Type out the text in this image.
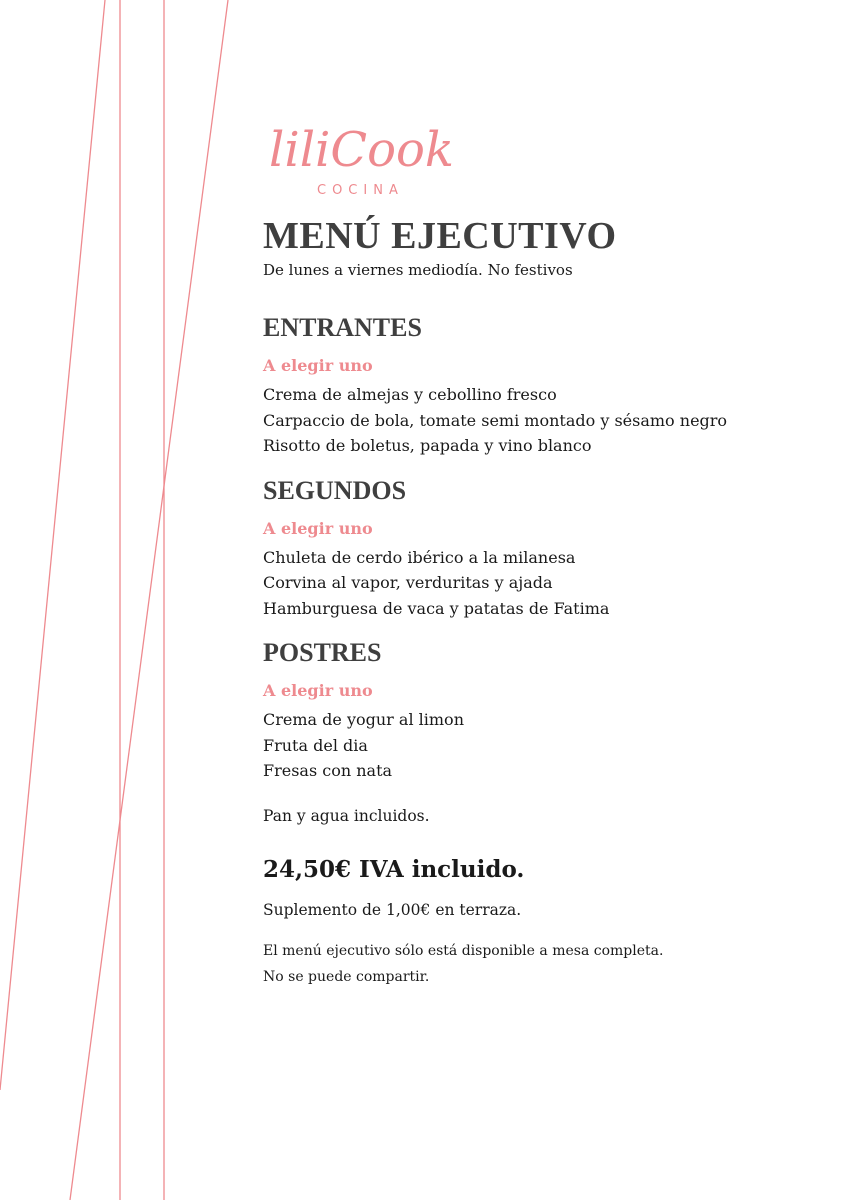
liliCook
COCINA
MENÚ EJECUTIVO
De lunes a viernes mediodía. No festivos
ENTRANTES
A elegir uno
Crema de almejas y cebollino fresco
Carpaccio de bola, tomate semi montado y sésamo negro
Risotto de boletus, papada y vino blanco
SEGUNDOS
A elegir uno
Chuleta de cerdo ibérico a la milanesa
Corvina al vapor, verduritas y ajada
Hamburguesa de vaca y patatas de Fatima
POSTRES
A elegir uno
Crema de yogur al limon
Fruta del dia
Fresas con nata
Pan y agua incluidos.
24,50€ IVA incluido.
Suplemento de 1,00€ en terraza.
El menú ejecutivo sólo está disponible a mesa completa.
No se puede compartir.
